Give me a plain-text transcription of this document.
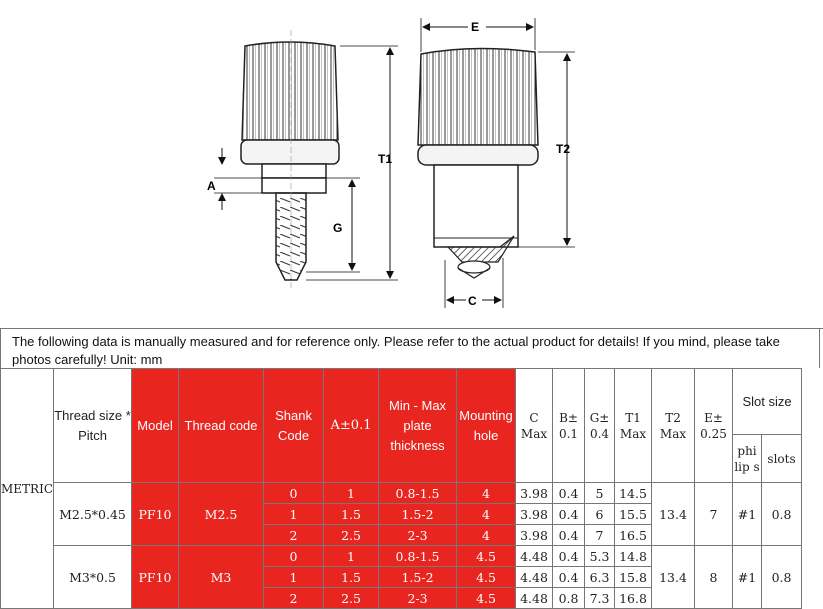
A
G
T1
E
T2
C
The following data is manually measured and for reference only. Please refer to the actual product for details! If you mind, please take photos carefully! Unit: mm
METRIC	Thread size * Pitch	Model	Thread code	Shank Code	A±0.1	Min - Max plate thickness	Mounting hole	C Max	B± 0.1	G± 0.4	T1 Max	T2 Max	E± 0.25	Slot size	
														phi lip s	slots
	M2.5*0.45	PF10	M2.5	0	1	0.8-1.5	4	3.98	0.4	5	14.5	13.4	7	#1	0.8
				1	1.5	1.5-2	4	3.98	0.4	6	15.5				
				2	2.5	2-3	4	3.98	0.4	7	16.5				
	M3*0.5	PF10	M3	0	1	0.8-1.5	4.5	4.48	0.4	5.3	14.8	13.4	8	#1	0.8
				1	1.5	1.5-2	4.5	4.48	0.4	6.3	15.8				
				2	2.5	2-3	4.5	4.48	0.8	7.3	16.8				
